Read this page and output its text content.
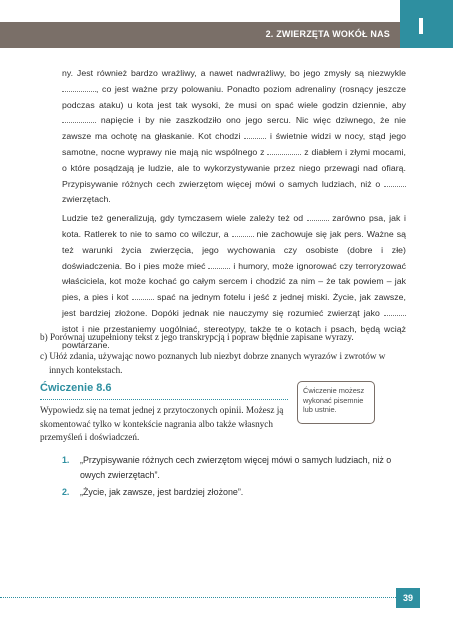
2. ZWIERZĘTA WOKÓŁ NAS

ny. Jest również bardzo wrażliwy, a nawet nadwrażliwy, bo jego zmysły są niezwykle , co jest ważne przy polowaniu. Ponadto poziom adrenaliny (rosnący jeszcze podczas ataku) u kota jest tak wysoki, że musi on spać wiele godzin dziennie, aby  napięcie i by nie zaszkodziło ono jego sercu. Nic więc dziwnego, że nie zawsze ma ochotę na głaskanie. Kot chodzi	i świetnie widzi w nocy, stąd jego samotne, nocne wyprawy nie mają nic wspólnego z	z diabłem i złymi mocami, o które posądzają je ludzie, ale to wykorzystywanie przez niego przewagi nad ofiarą. Przypisywanie różnych cech zwierzętom więcej mówi o samych ludziach, niż o  zwierzętach.

Ludzie też generalizują, gdy tymczasem wiele zależy też od	zarówno psa, jak i kota. Ratlerek to nie to samo co wilczur, a	nie zachowuje się jak pers. Ważne są też warunki życia zwierzęcia, jego wychowania czy osobiste (dobre i złe) doświadczenia. Bo i pies może mieć	i humory, może ignorować czy terroryzować właściciela, kot może kochać go całym sercem i chodzić za nim – że tak powiem – jak pies, a pies i kot	spać na jednym fotelu i jeść z jednej miski. Życie, jak zawsze, jest bardziej złożone. Dopóki jednak nie nauczymy się rozumieć zwierząt jako  istot i nie przestaniemy uogólniać, stereotypy, także te o kotach i psach, będą wciąż powtarzane.

b) Porównaj uzupełniony tekst z jego transkrypcją i popraw błędnie zapisane wyrazy.
c) Ułóż zdania, używając nowo poznanych lub niezbyt dobrze znanych wyrazów i zwrotów w innych kontekstach.
Ćwiczenie 8.6
Wypowiedz się na temat jednej z przytoczonych opinii. Możesz ją skomentować tylko w kontekście nagrania albo także własnych przemyśleń i doświadczeń.
Ćwiczenie możesz wykonać pisemnie lub ustnie.
1.	„Przypisywanie różnych cech zwierzętom więcej mówi o samych ludziach, niż o owych zwierzętach”.
2.	„Życie, jak zawsze, jest bardziej złożone”.
39
